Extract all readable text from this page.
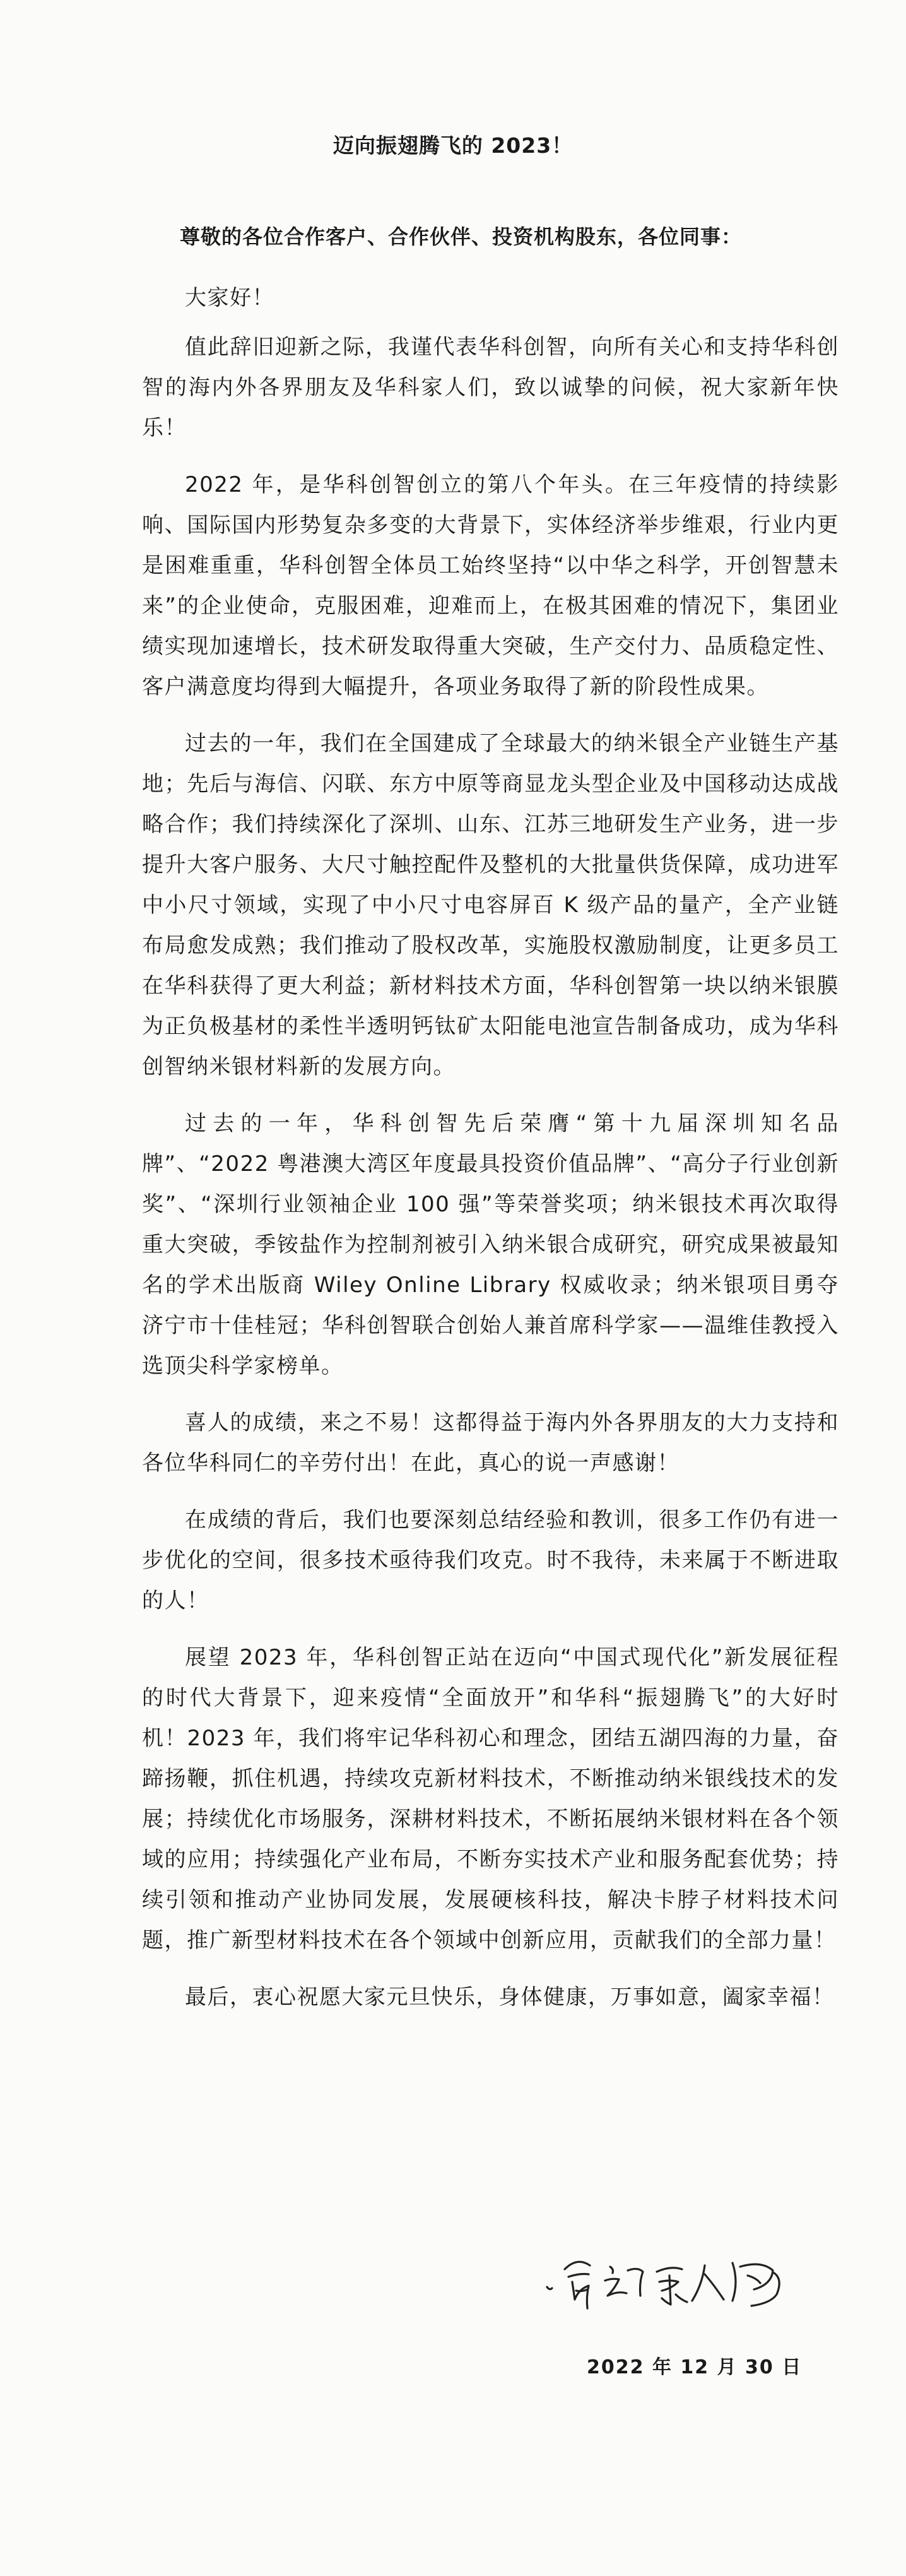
迈向振翅腾飞的 2023！

尊敬的各位合作客户、合作伙伴、投资机构股东，各位同事：

大家好！

值此辞旧迎新之际，我谨代表华科创智，向所有关心和支持华科创智的海内外各界朋友及华科家人们，致以诚挚的问候，祝大家新年快乐！

2022 年，是华科创智创立的第八个年头。在三年疫情的持续影响、国际国内形势复杂多变的大背景下，实体经济举步维艰，行业内更是困难重重，华科创智全体员工始终坚持“以中华之科学，开创智慧未来”的企业使命，克服困难，迎难而上，在极其困难的情况下，集团业绩实现加速增长，技术研发取得重大突破，生产交付力、品质稳定性、客户满意度均得到大幅提升，各项业务取得了新的阶段性成果。

过去的一年，我们在全国建成了全球最大的纳米银全产业链生产基地；先后与海信、闪联、东方中原等商显龙头型企业及中国移动达成战略合作；我们持续深化了深圳、山东、江苏三地研发生产业务，进一步提升大客户服务、大尺寸触控配件及整机的大批量供货保障，成功进军中小尺寸领域，实现了中小尺寸电容屏百 K 级产品的量产，全产业链布局愈发成熟；我们推动了股权改革，实施股权激励制度，让更多员工在华科获得了更大利益；新材料技术方面，华科创智第一块以纳米银膜为正负极基材的柔性半透明钙钛矿太阳能电池宣告制备成功，成为华科创智纳米银材料新的发展方向。

过去的一年，华科创智先后荣膺“第十九届深圳知名品牌”、“2022 粤港澳大湾区年度最具投资价值品牌”、“高分子行业创新奖”、“深圳行业领袖企业 100 强”等荣誉奖项；纳米银技术再次取得重大突破，季铵盐作为控制剂被引入纳米银合成研究，研究成果被最知名的学术出版商 Wiley Online Library 权威收录；纳米银项目勇夺济宁市十佳桂冠；华科创智联合创始人兼首席科学家——温维佳教授入选顶尖科学家榜单。

喜人的成绩，来之不易！这都得益于海内外各界朋友的大力支持和各位华科同仁的辛劳付出！在此，真心的说一声感谢！

在成绩的背后，我们也要深刻总结经验和教训，很多工作仍有进一步优化的空间，很多技术亟待我们攻克。时不我待，未来属于不断进取的人！

展望 2023 年，华科创智正站在迈向“中国式现代化”新发展征程的时代大背景下，迎来疫情“全面放开”和华科“振翅腾飞”的大好时机！2023 年，我们将牢记华科初心和理念，团结五湖四海的力量，奋蹄扬鞭，抓住机遇，持续攻克新材料技术，不断推动纳米银线技术的发展；持续优化市场服务，深耕材料技术，不断拓展纳米银材料在各个领域的应用；持续强化产业布局，不断夯实技术产业和服务配套优势；持续引领和推动产业协同发展，发展硬核科技，解决卡脖子材料技术问题，推广新型材料技术在各个领域中创新应用，贡献我们的全部力量！

最后，衷心祝愿大家元旦快乐，身体健康，万事如意，阖家幸福！

2022 年 12 月 30 日
